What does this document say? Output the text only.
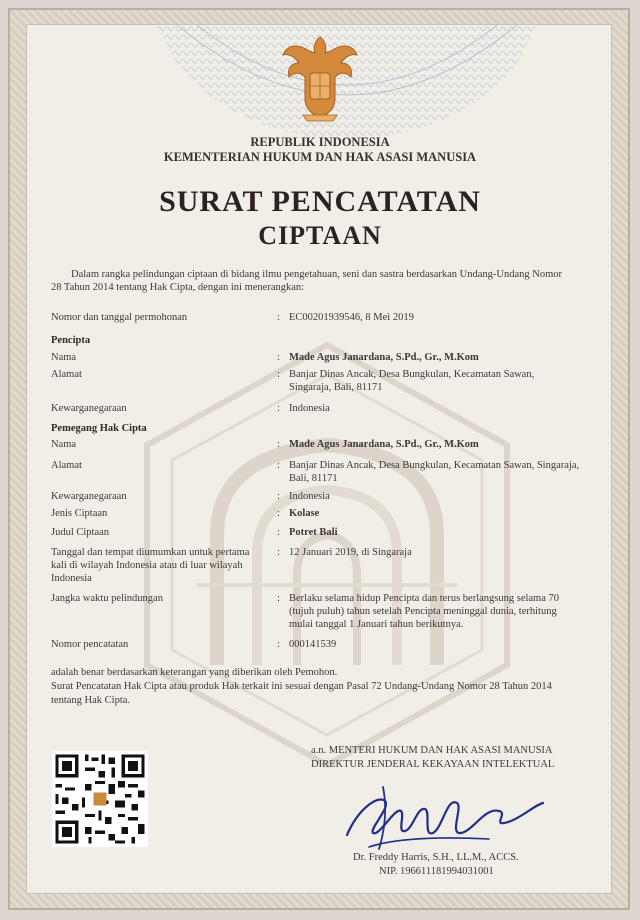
REPUBLIK INDONESIA
KEMENTERIAN HUKUM DAN HAK ASASI MANUSIA
SURAT PENCATATAN
CIPTAAN
Dalam rangka pelindungan ciptaan di bidang ilmu pengetahuan, seni dan sastra berdasarkan Undang-Undang Nomor
28 Tahun 2014 tentang Hak Cipta, dengan ini menerangkan:
Nomor dan tanggal permohonan	: EC00201939546, 8 Mei 2019
Pencipta
Nama	: Made Agus Janardana, S.Pd., Gr., M.Kom
Alamat	: Banjar Dinas Ancak, Desa Bungkulan, Kecamatan Sawan,
Singaraja, Bali, 81171
Kewarganegaraan	: Indonesia
Pemegang Hak Cipta
Nama	: Made Agus Janardana, S.Pd., Gr., M.Kom
Alamat	: Banjar Dinas Ancak, Desa Bungkulan, Kecamatan Sawan, Singaraja,
Bali, 81171
Kewarganegaraan	: Indonesia
Jenis Ciptaan	: Kolase
Judul Ciptaan	: Potret Bali
Tanggal dan tempat diumumkan untuk pertama
kali di wilayah Indonesia atau di luar wilayah
Indonesia
: 12 Januari 2019, di Singaraja
Jangka waktu pelindungan	: Berlaku selama hidup Pencipta dan terus berlangsung selama 70
(tujuh puluh) tahun setelah Pencipta meninggal dunia, terhitung
mulai tanggal 1 Januari tahun berikutnya.
Nomor pencatatan	: 000141539
adalah benar berdasarkan keterangan yang diberikan oleh Pemohon.
Surat Pencatatan Hak Cipta atau produk Hak terkait ini sesuai dengan Pasal 72 Undang-Undang Nomor 28 Tahun 2014
tentang Hak Cipta.
a.n. MENTERI HUKUM DAN HAK ASASI MANUSIA
DIREKTUR JENDERAL KEKAYAAN INTELEKTUAL
Dr. Freddy Harris, S.H., LL.M., ACCS.
NIP. 196611181994031001
